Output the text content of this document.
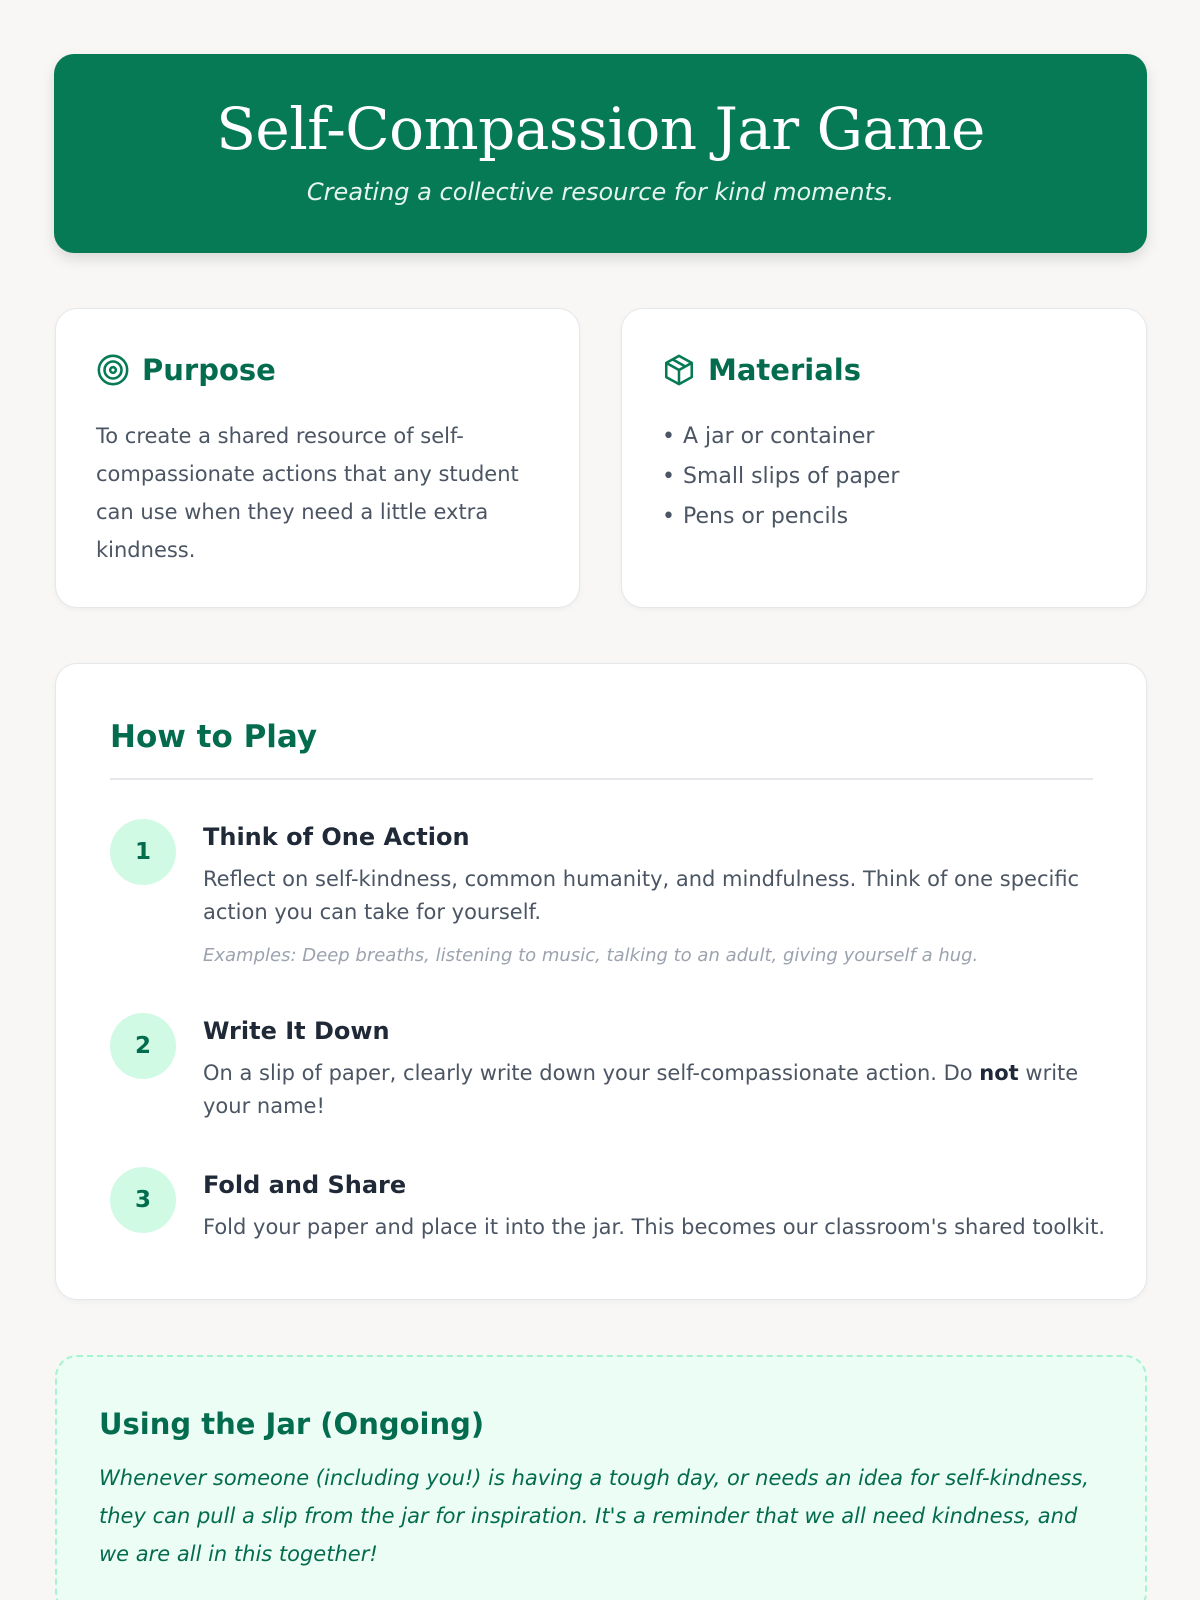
Self-Compassion Jar Game

Creating a collective resource for kind moments.

Purpose

To create a shared resource of self-compassionate actions that any student can use when they need a little extra kindness.

Materials
• A jar or container
• Small slips of paper
• Pens or pencils
How to Play
1
Think of One Action

Reflect on self-kindness, common humanity, and mindfulness. Think of one specific action you can take for yourself.

Examples: Deep breaths, listening to music, talking to an adult, giving yourself a hug.

2
Write It Down

On a slip of paper, clearly write down your self-compassionate action. Do not write your name!

3
Fold and Share

Fold your paper and place it into the jar. This becomes our classroom's shared toolkit.

Using the Jar (Ongoing)

Whenever someone (including you!) is having a tough day, or needs an idea for self-kindness, they can pull a slip from the jar for inspiration. It's a reminder that we all need kindness, and we are all in this together!
